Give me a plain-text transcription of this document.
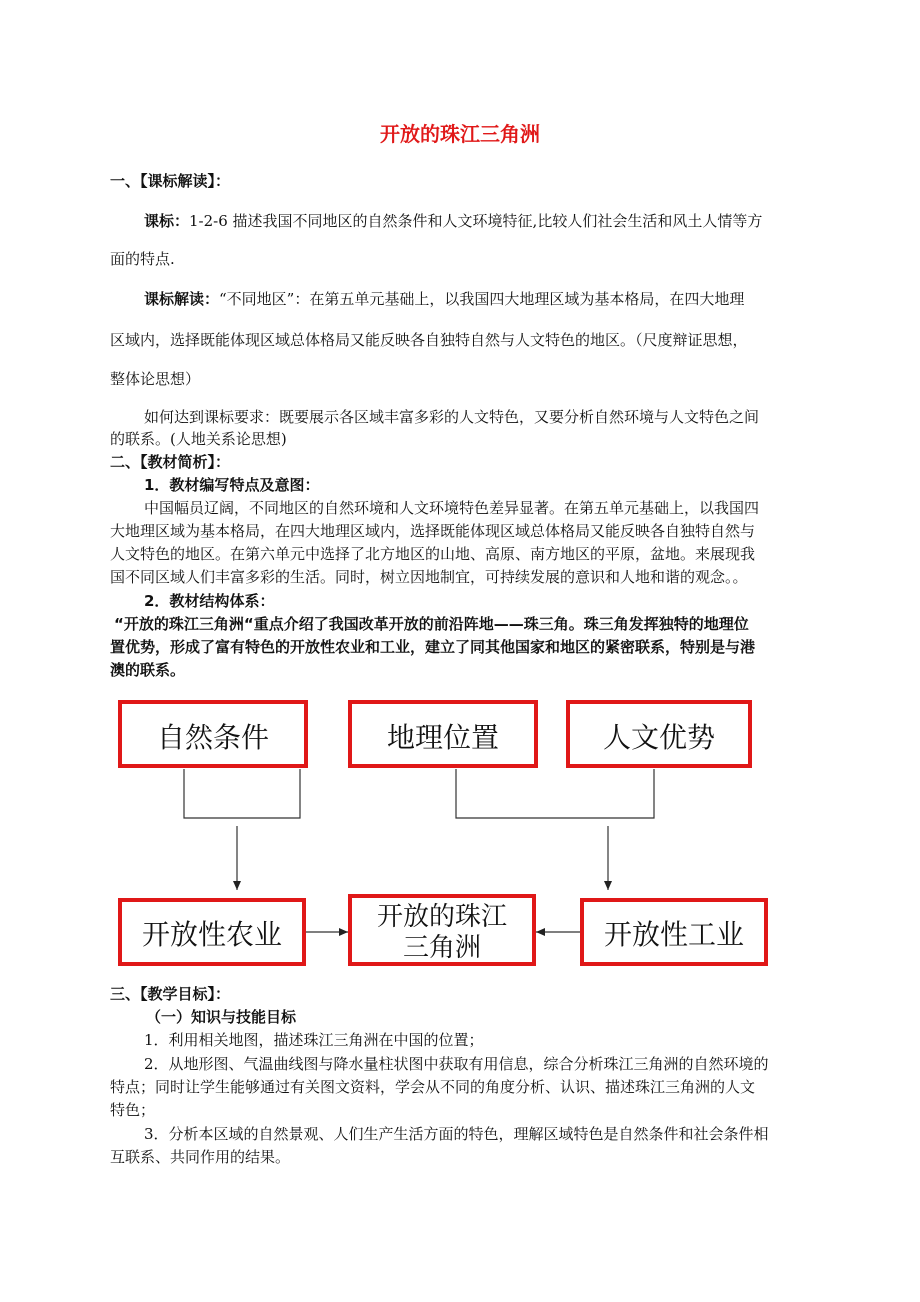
开放的珠江三角洲
一、【课标解读】：
课标：1-2-6 描述我国不同地区的自然条件和人文环境特征,比较人们社会生活和风土人情等方
面的特点.
课标解读：“不同地区”：在第五单元基础上，以我国四大地理区域为基本格局，在四大地理
区域内，选择既能体现区域总体格局又能反映各自独特自然与人文特色的地区。（尺度辩证思想，
整体论思想）
如何达到课标要求：既要展示各区域丰富多彩的人文特色，又要分析自然环境与人文特色之间
的联系。(人地关系论思想)
二、【教材简析】：
1．教材编写特点及意图：
中国幅员辽阔，不同地区的自然环境和人文环境特色差异显著。在第五单元基础上，以我国四
大地理区域为基本格局，在四大地理区域内，选择既能体现区域总体格局又能反映各自独特自然与
人文特色的地区。在第六单元中选择了北方地区的山地、高原、南方地区的平原，盆地。来展现我
国不同区域人们丰富多彩的生活。同时，树立因地制宜，可持续发展的意识和人地和谐的观念。。
2．教材结构体系：
“开放的珠江三角洲“重点介绍了我国改革开放的前沿阵地——珠三角。珠三角发挥独特的地理位
置优势，形成了富有特色的开放性农业和工业，建立了同其他国家和地区的紧密联系，特别是与港
澳的联系。
自然条件	地理位置	人文优势
开放性农业
开放的珠江
三角洲	开放性工业
三、【教学目标】：
（一）知识与技能目标
1．利用相关地图，描述珠江三角洲在中国的位置；
2．从地形图、气温曲线图与降水量柱状图中获取有用信息，综合分析珠江三角洲的自然环境的
特点；同时让学生能够通过有关图文资料，学会从不同的角度分析、认识、描述珠江三角洲的人文
特色；
3．分析本区域的自然景观、人们生产生活方面的特色，理解区域特色是自然条件和社会条件相
互联系、共同作用的结果。
